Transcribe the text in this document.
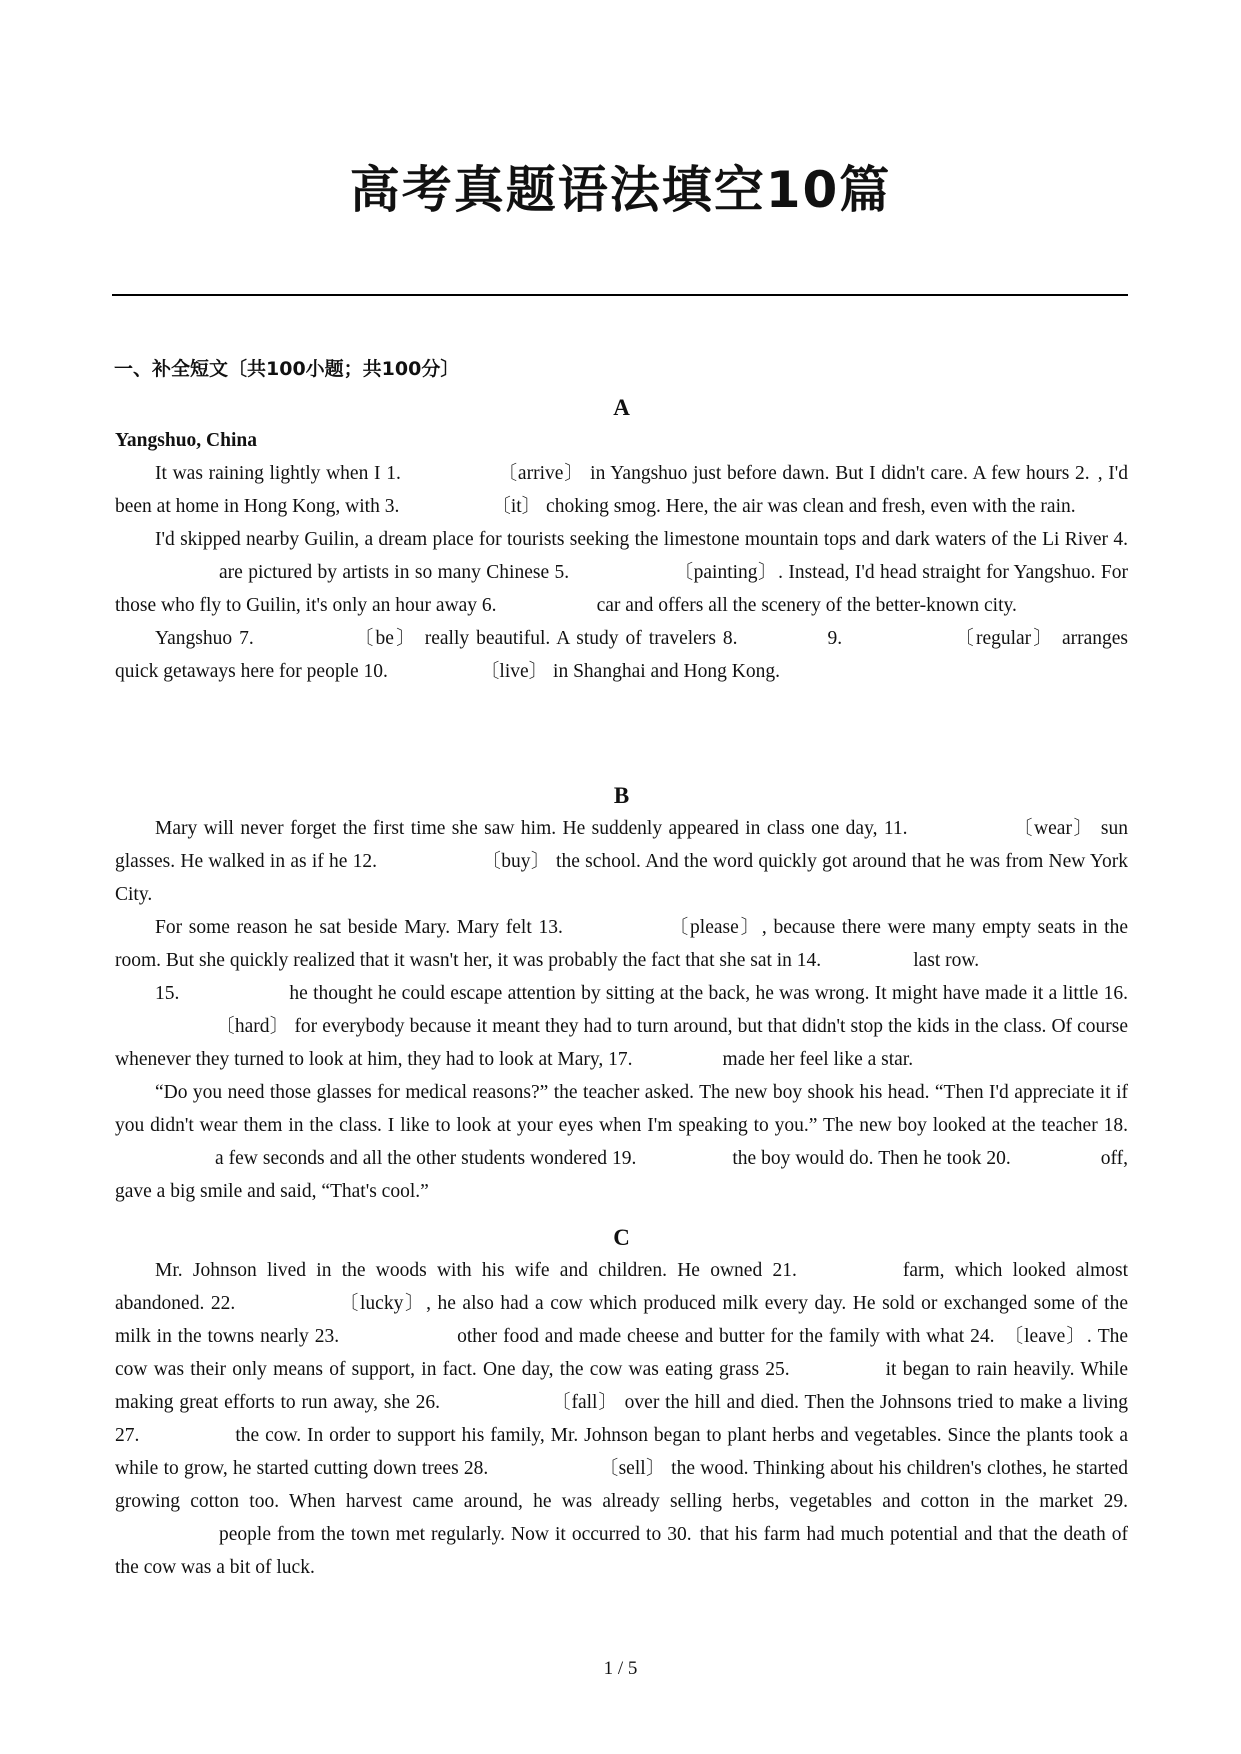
高考真题语法填空10篇
一、补全短文〔共100小题；共100分〕

A

Yangshuo, China

It was raining lightly when I 1.	〔arrive〕 in Yangshuo just before dawn. But I didn't care. A few hours 2. , I'd been at home in Hong Kong, with 3.	〔it〕 choking smog. Here, the air was clean and fresh, even with the rain.

I'd skipped nearby Guilin, a dream place for tourists seeking the limestone mountain tops and dark waters of the Li River 4.are pictured by artists in so many Chinese 5.	〔painting〕. Instead, I'd head straight for Yangshuo. For those who fly to Guilin, it's only an hour away 6.	car and offers all the scenery of the better-known city.

Yangshuo 7.	〔be〕 really beautiful. A study of travelers 8.	9.	〔regular〕 arranges quick getaways here for people 10.	〔live〕 in Shanghai and Hong Kong.

B

Mary will never forget the first time she saw him. He suddenly appeared in class one day, 11.	〔wear〕 sun glasses. He walked in as if he 12.	〔buy〕 the school. And the word quickly got around that he was from New York City.

For some reason he sat beside Mary. Mary felt 13.	〔please〕, because there were many empty seats in the room. But she quickly realized that it wasn't her, it was probably the fact that she sat in 14.	last row.

15.	he thought he could escape attention by sitting at the back, he was wrong. It might have made it a little 16.〔hard〕 for everybody because it meant they had to turn around, but that didn't stop the kids in the class. Of course whenever they turned to look at him, they had to look at Mary, 17.	made her feel like a star.

“Do you need those glasses for medical reasons?” the teacher asked. The new boy shook his head. “Then I'd appreciate it if you didn't wear them in the class. I like to look at your eyes when I'm speaking to you.” The new boy looked at the teacher 18.a few seconds and all the other students wondered 19.	the boy would do. Then he took 20.	off, gave a big smile and said, “That's cool.”

C

Mr. Johnson lived in the woods with his wife and children. He owned 21.	farm, which looked almost abandoned. 22.	〔lucky〕, he also had a cow which produced milk every day. He sold or exchanged some of the milk in the towns nearly 23.	other food and made cheese and butter for the family with what 24. 〔leave〕. The cow was their only means of support, in fact. One day, the cow was eating grass 25.	it began to rain heavily. While making great efforts to run away, she 26.	〔fall〕 over the hill and died. Then the Johnsons tried to make a living 27.	the cow. In order to support his family, Mr. Johnson began to plant herbs and vegetables. Since the plants took a while to grow, he started cutting down trees 28.	〔sell〕 the wood. Thinking about his children's clothes, he started growing cotton too. When harvest came around, he was already selling herbs, vegetables and cotton in the market 29.people from the town met regularly. Now it occurred to 30. that his farm had much potential and that the death of the cow was a bit of luck.

1 / 5
